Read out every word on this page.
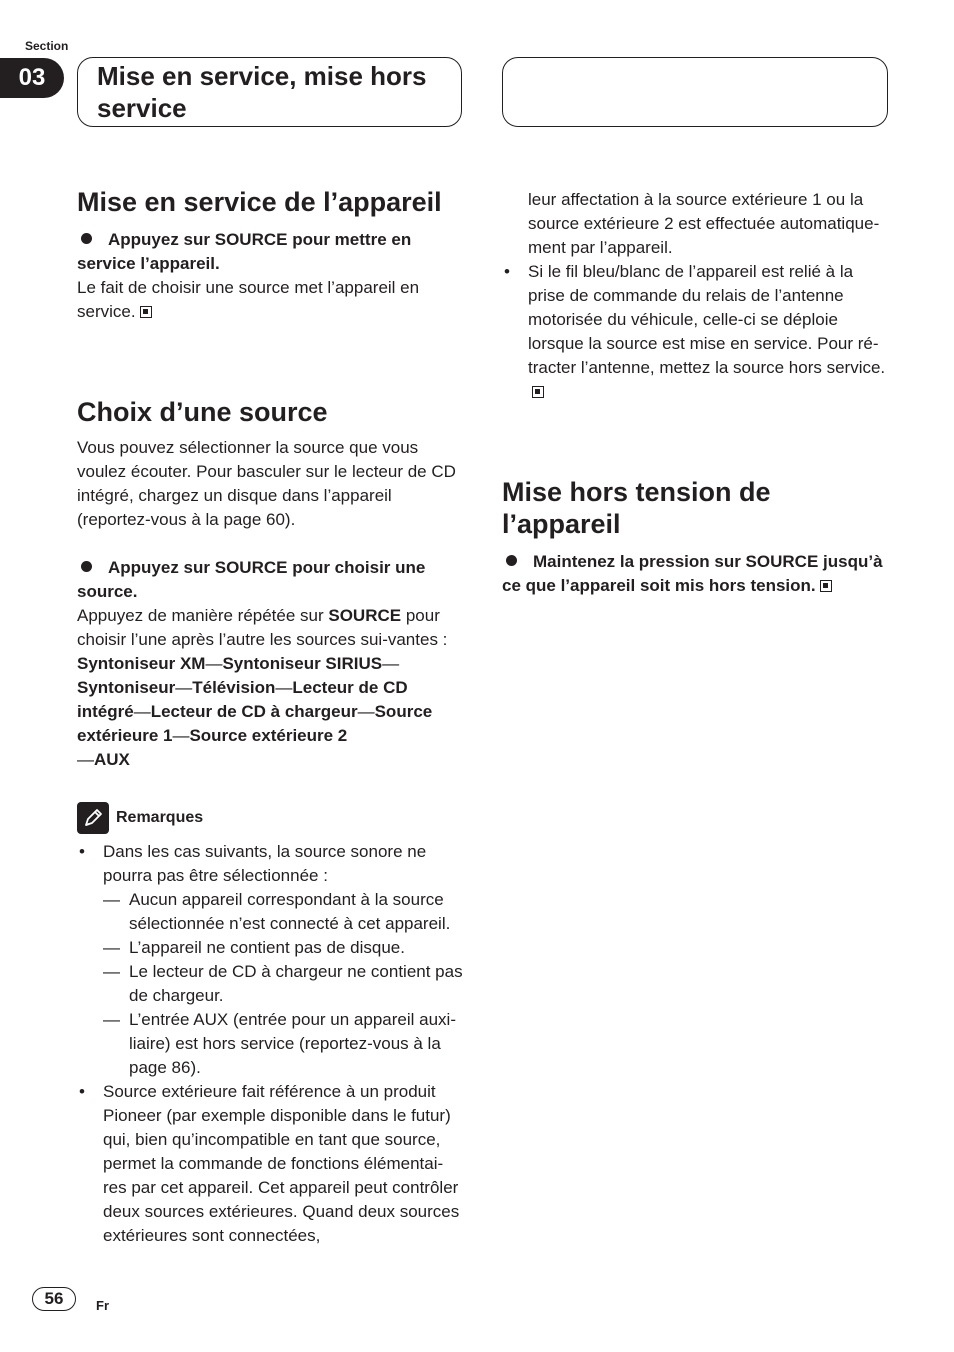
Section
03	Mise en service, mise hors service
Mise en service de l’appareil
Appuyez sur SOURCE pour mettre en service l’appareil.
Le fait de choisir une source met l’appareil en service.
Choix d’une source
Vous pouvez sélectionner la source que vous voulez écouter. Pour basculer sur le lecteur de CD intégré, chargez un disque dans l’appareil (reportez-vous à la page 60).
Appuyez sur SOURCE pour choisir une source.
Appuyez de manière répétée sur SOURCE pour choisir l’une après l’autre les sources sui-vantes :
Syntoniseur XM—Syntoniseur SIRIUS—Syntoniseur—Télévision—Lecteur de CD intégré—Lecteur de CD à chargeur—Source extérieure 1—Source extérieure 2
—AUX
Remarques
• Dans les cas suivants, la source sonore ne pourra pas être sélectionnée :
— Aucun appareil correspondant à la source sélectionnée n’est connecté à cet appareil.
— L’appareil ne contient pas de disque.
— Le lecteur de CD à chargeur ne contient pas de chargeur.
— L’entrée AUX (entrée pour un appareil auxi-liaire) est hors service (reportez-vous à la page 86).
• Source extérieure fait référence à un produit Pioneer (par exemple disponible dans le futur) qui, bien qu’incompatible en tant que source, permet la commande de fonctions élémentai-res par cet appareil. Cet appareil peut contrôler deux sources extérieures. Quand deux sources extérieures sont connectées,
leur affectation à la source extérieure 1 ou la source extérieure 2 est effectuée automatique-ment par l’appareil.
• Si le fil bleu/blanc de l’appareil est relié à la prise de commande du relais de l’antenne motorisée du véhicule, celle-ci se déploie lorsque la source est mise en service. Pour ré-tracter l’antenne, mettez la source hors service.
Mise hors tension de l’appareil
Maintenez la pression sur SOURCE jusqu’à ce que l’appareil soit mis hors tension.
56	Fr
